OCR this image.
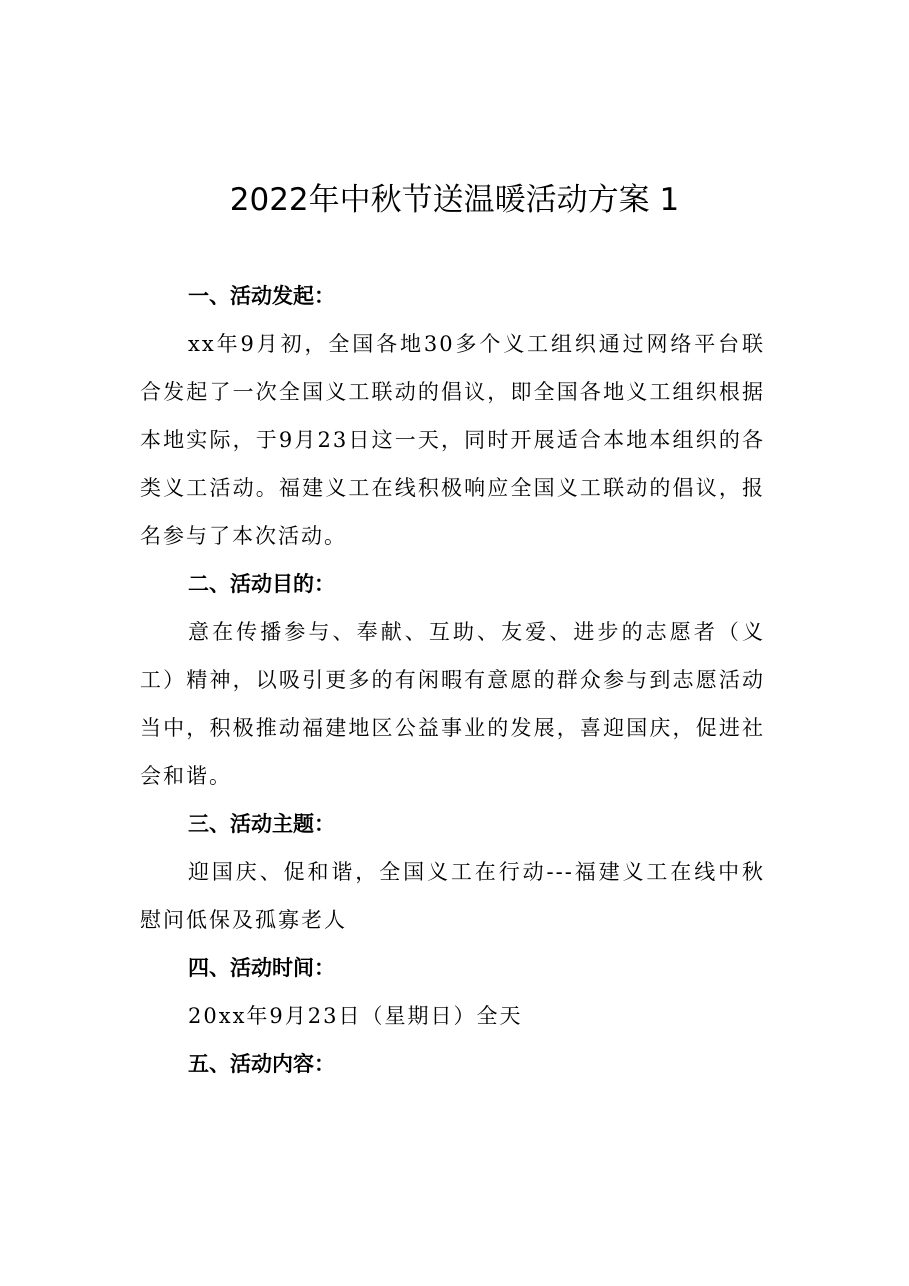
2022年中秋节送温暖活动方案 1
一、活动发起：

xx年9月初，全国各地30多个义工组织通过网络平台联合发起了一次全国义工联动的倡议，即全国各地义工组织根据本地实际，于9月23日这一天，同时开展适合本地本组织的各类义工活动。福建义工在线积极响应全国义工联动的倡议，报名参与了本次活动。

二、活动目的：

意在传播参与、奉献、互助、友爱、进步的志愿者（义工）精神，以吸引更多的有闲暇有意愿的群众参与到志愿活动当中，积极推动福建地区公益事业的发展，喜迎国庆，促进社会和谐。

三、活动主题：

迎国庆、促和谐，全国义工在行动---福建义工在线中秋慰问低保及孤寡老人

四、活动时间：

20xx年9月23日（星期日）全天

五、活动内容：
